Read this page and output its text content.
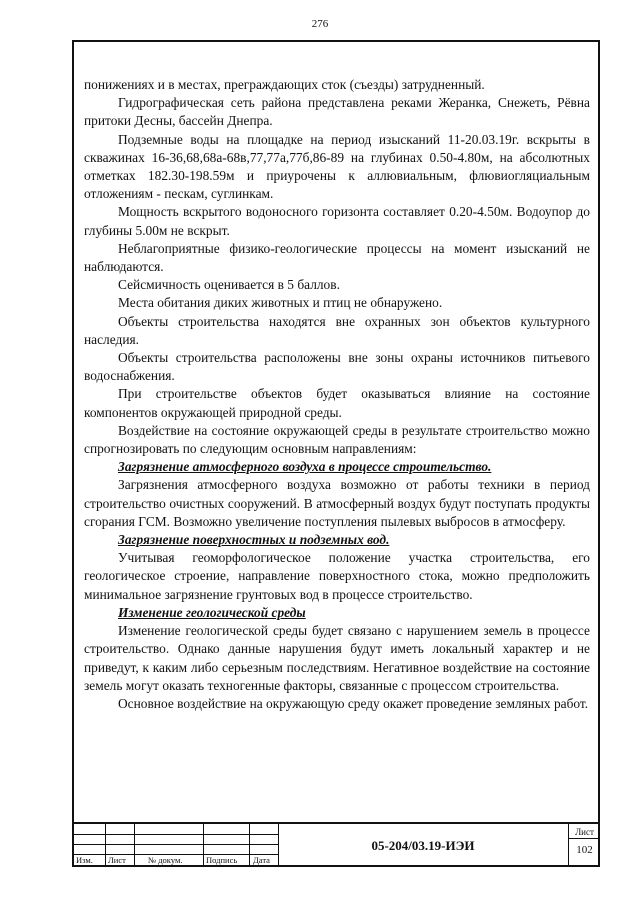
276

понижениях и в местах, преграждающих сток (съезды) затрудненный.

Гидрографическая сеть района представлена реками Жеранка, Снежеть, Рёвна притоки Десны, бассейн Днепра.

Подземные воды на площадке на период изысканий 11-20.03.19г. вскрыты в скважинах 16-36,68,68а-68в,77,77а,77б,86-89 на глубинах 0.50-4.80м, на абсолютных отметках 182.30-198.59м и приурочены к аллювиальным, флювиогляциальным отложениям - пескам, суглинкам.

Мощность вскрытого водоносного горизонта составляет 0.20-4.50м. Водоупор до глубины 5.00м не вскрыт.

Неблагоприятные физико-геологические процессы на момент изысканий не наблюдаются.

Сейсмичность оценивается в 5 баллов.

Места обитания диких животных и птиц не обнаружено.

Объекты строительства находятся вне охранных зон объектов культурного наследия.

Объекты строительства расположены вне зоны охраны источников питьевого водоснабжения.

При строительстве объектов будет оказываться влияние на состояние компонентов окружающей природной среды.

Воздействие на состояние окружающей среды в результате строительство можно спрогнозировать по следующим основным направлениям:

Загрязнение атмосферного воздуха в процессе строительство.

Загрязнения атмосферного воздуха возможно от работы техники в период строительство очистных сооружений. В атмосферный воздух будут поступать продукты сгорания ГСМ. Возможно увеличение поступления пылевых выбросов в атмосферу.

Загрязнение поверхностных и подземных вод.

Учитывая геоморфологическое положение участка строительства, его геологическое строение, направление поверхностного стока, можно предположить минимальное загрязнение грунтовых вод в процессе строительство.

Изменение геологической среды

Изменение геологической среды будет связано с нарушением земель в процессе строительство. Однако данные нарушения будут иметь локальный характер и не приведут, к каким либо серьезным последствиям. Негативное воздействие на состояние земель могут оказать техногенные факторы, связанные с процессом строительства.

Основное воздействие на окружающую среду окажет проведение земляных работ.

Изм. Лист	№ докум.	Подпись Дата
05-204/03.19-ИЭИ
Лист
102
